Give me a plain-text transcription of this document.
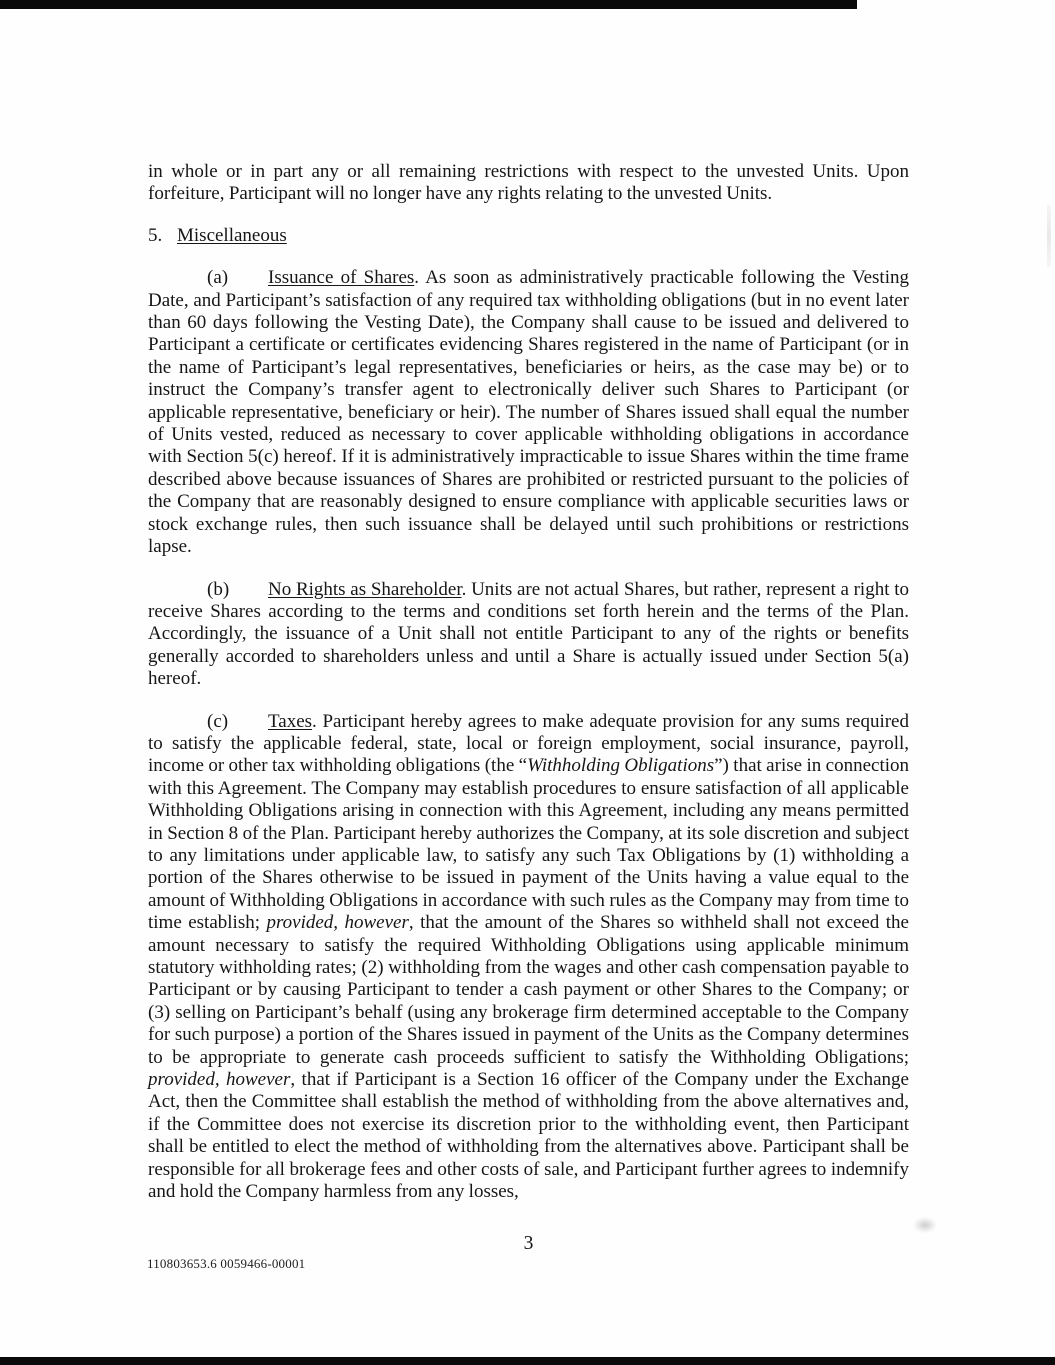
in whole or in part any or all remaining restrictions with respect to the unvested Units. Upon forfeiture, Participant will no longer have any rights relating to the unvested Units.

5. Miscellaneous

(a) Issuance of Shares. As soon as administratively practicable following the Vesting Date, and Participant’s satisfaction of any required tax withholding obligations (but in no event later than 60 days following the Vesting Date), the Company shall cause to be issued and delivered to Participant a certificate or certificates evidencing Shares registered in the name of Participant (or in the name of Participant’s legal representatives, beneficiaries or heirs, as the case may be) or to instruct the Company’s transfer agent to electronically deliver such Shares to Participant (or applicable representative, beneficiary or heir). The number of Shares issued shall equal the number of Units vested, reduced as necessary to cover applicable withholding obligations in accordance with Section 5(c) hereof. If it is administratively impracticable to issue Shares within the time frame described above because issuances of Shares are prohibited or restricted pursuant to the policies of the Company that are reasonably designed to ensure compliance with applicable securities laws or stock exchange rules, then such issuance shall be delayed until such prohibitions or restrictions lapse.

(b) No Rights as Shareholder. Units are not actual Shares, but rather, represent a right to receive Shares according to the terms and conditions set forth herein and the terms of the Plan. Accordingly, the issuance of a Unit shall not entitle Participant to any of the rights or benefits generally accorded to shareholders unless and until a Share is actually issued under Section 5(a) hereof.

(c) Taxes. Participant hereby agrees to make adequate provision for any sums required to satisfy the applicable federal, state, local or foreign employment, social insurance, payroll, income or other tax withholding obligations (the “Withholding Obligations”) that arise in connection with this Agreement. The Company may establish procedures to ensure satisfaction of all applicable Withholding Obligations arising in connection with this Agreement, including any means permitted in Section 8 of the Plan. Participant hereby authorizes the Company, at its sole discretion and subject to any limitations under applicable law, to satisfy any such Tax Obligations by (1) withholding a portion of the Shares otherwise to be issued in payment of the Units having a value equal to the amount of Withholding Obligations in accordance with such rules as the Company may from time to time establish; provided, however, that the amount of the Shares so withheld shall not exceed the amount necessary to satisfy the required Withholding Obligations using applicable minimum statutory withholding rates; (2) withholding from the wages and other cash compensation payable to Participant or by causing Participant to tender a cash payment or other Shares to the Company; or (3) selling on Participant’s behalf (using any brokerage firm determined acceptable to the Company for such purpose) a portion of the Shares issued in payment of the Units as the Company determines to be appropriate to generate cash proceeds sufficient to satisfy the Withholding Obligations; provided, however, that if Participant is a Section 16 officer of the Company under the Exchange Act, then the Committee shall establish the method of withholding from the above alternatives and, if the Committee does not exercise its discretion prior to the withholding event, then Participant shall be entitled to elect the method of withholding from the alternatives above. Participant shall be responsible for all brokerage fees and other costs of sale, and Participant further agrees to indemnify and hold the Company harmless from any losses,

3
110803653.6 0059466-00001
